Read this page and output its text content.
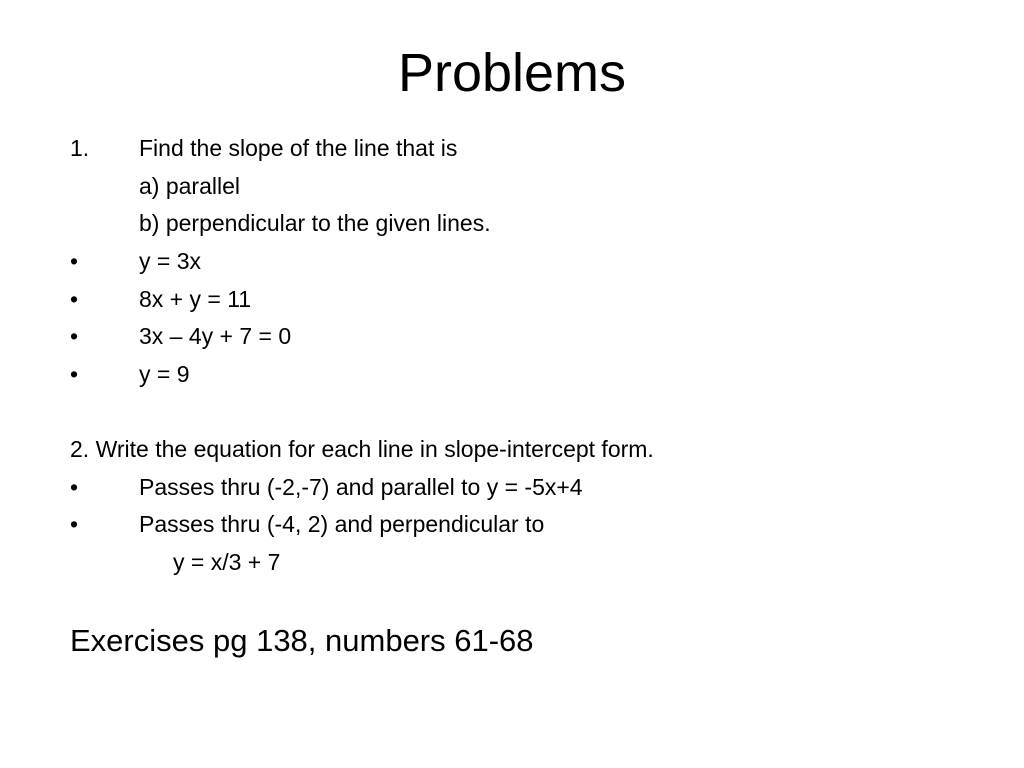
Problems
1. Find the slope of the line that is
a) parallel
b) perpendicular to the given lines.
•	y = 3x
•	8x + y = 11
•	3x – 4y + 7 = 0
•	y = 9
2. Write the equation for each line in slope-intercept form.
•	Passes thru (-2,-7) and parallel to y = -5x+4
•	Passes thru (-4, 2) and perpendicular to
y = x/3 + 7
Exercises pg 138, numbers 61-68
